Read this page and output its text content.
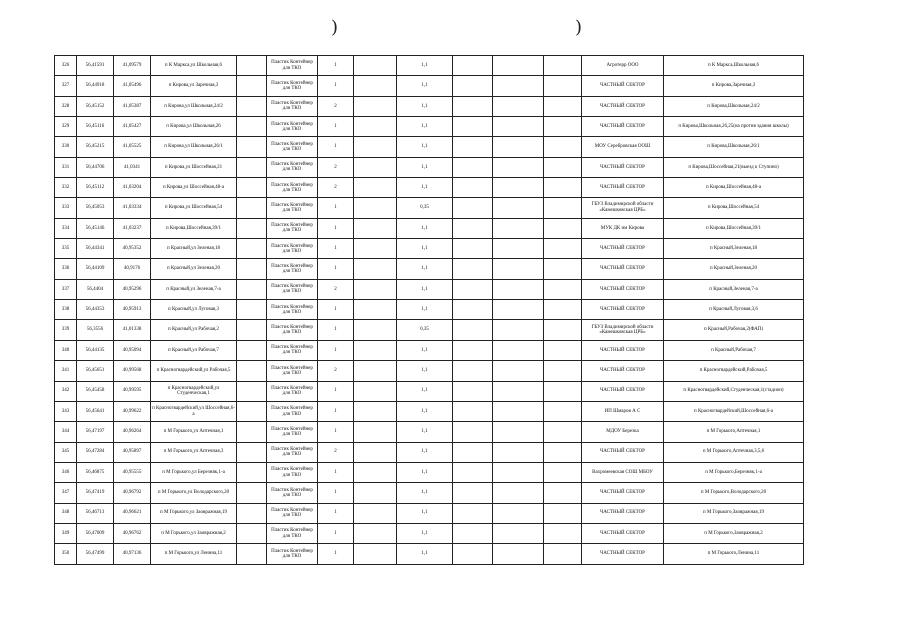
)	)
326	56,41591	41,09579	п К Маркса,ул Школьная,6		Пластик Контейнер для ТКО	1		1,1				Агротерр ООО	п К Маркса,Школьная,6
327	56,44918	41,05496	п Кирова,ул Заречная,3		Пластик Контейнер для ТКО	1		1,1				ЧАСТНЫЙ СЕКТОР	п Кирова,Заречная,3
328	56,45152	41,05387	п Кирова,ул Школьная,24/2		Пластик Контейнер для ТКО	2		1,1				ЧАСТНЫЙ СЕКТОР	п Кирова,Школьная,24/2
329	56,45116	41,05427	п Кирова,ул Школьная,26		Пластик Контейнер для ТКО	1		1,1				ЧАСТНЫЙ СЕКТОР	п Кирова,Школьная,26,25(на против здания школы)
330	56,45215	41,05525	п Кирова,ул Школьная,26/1		Пластик Контейнер для ТКО	1		1,1				МОУ Серебровская ООШ	п Кирова,Школьная,26/1
331	56,44706	41,0341	п Кирова,ул Шоссейная,21		Пластик Контейнер для ТКО	2		1,1				ЧАСТНЫЙ СЕКТОР	п Кирова,Шоссейная,21(выезд к Ступино)
332	56,45112	41,03204	п Кирова,ул Шоссейная,48-а		Пластик Контейнер для ТКО	2		1,1				ЧАСТНЫЙ СЕКТОР	п Кирова,Шоссейная,48-а
333	56,45053	41,03334	п Кирова,ул Шоссейная,54		Пластик Контейнер для ТКО	1		0,35				ГБУЗ Владимирской области «Камешковская ЦРБ»	п Кирова,Шоссейная,54
334	56,45146	41,03237	п Кирова,Шоссейная,39/1		Пластик Контейнер для ТКО	1		1,1				МУК ДК им Кирова	п Кирова,Шоссейная,39/1
335	56,44341	40,95352	п Красный,ул Зеленая,18		Пластик Контейнер для ТКО	1		1,1				ЧАСТНЫЙ СЕКТОР	п Красный,Зеленая,18
336	56,44109	40,9176	п Красный,ул Зеленая,20		Пластик Контейнер для ТКО	1		1,1				ЧАСТНЫЙ СЕКТОР	п Красный,Зеленая,20
337	56,4404	40,95296	п Красный,ул Зеленая,7-а		Пластик Контейнер для ТКО	2		1,1				ЧАСТНЫЙ СЕКТОР	п Красный,Зеленая,7-а
338	56,44353	40,95913	п Красный,ул Луговая,3		Пластик Контейнер для ТКО	1		1,1				ЧАСТНЫЙ СЕКТОР	п Красный,Луговая,3,6
339	56,3556	41,01338	п Красный,ул Рабочая,2		Пластик Контейнер для ТКО	1		0,35				ГБУЗ Владимирской области «Камешковская ЦРБ»	п Красный,Рабочая,2(ФАП)
340	56,44135	40,95094	п Красный,ул Рабочая,7		Пластик Контейнер для ТКО	1		1,1				ЧАСТНЫЙ СЕКТОР	п Красный,Рабочая,7
341	56,45651	40,99568	п Красногвардейский,ул Рабочая,5		Пластик Контейнер для ТКО	2		1,1				ЧАСТНЫЙ СЕКТОР	п Красногвардейский,Рабочая,5
342	56,45458	40,99595	п Красногвардейский,ул Студенческая,1		Пластик Контейнер для ТКО	1		1,1				ЧАСТНЫЙ СЕКТОР	п Красногвардейский,Студенческая,1(стадион)
343	56,45641	40,99622	п Красногвардейский,ул Шоссейная,6-а		Пластик Контейнер для ТКО	1		1,1				ИП Шмаров А С	п Красногвардейский,Шоссейная,6-а
344	56,47197	40,96264	п М Горького,ул Аптечная,1		Пластик Контейнер для ТКО	1		1,1				МДОУ Березка	п М Горького,Аптечная,1
345	56,47284	40,95897	п М Горького,ул Аптечная,3		Пластик Контейнер для ТКО	2		1,1				ЧАСТНЫЙ СЕКТОР	п М Горького,Аптечная,3,5,6
346	56,46875	40,95555	п М Горького,ул Березняк,1-а		Пластик Контейнер для ТКО	1		1,1				Вахромеевская СОШ МБОУ	п М Горького,Березняк,1-а
347	56,47419	40,96792	п М Горького,ул Володарского,20		Пластик Контейнер для ТКО	1		1,1				ЧАСТНЫЙ СЕКТОР	п М Горького,Володарского,20
348	56,46713	40,96621	п М Горького,ул Заовражная,19		Пластик Контейнер для ТКО	1		1,1				ЧАСТНЫЙ СЕКТОР	п М Горького,Заовражная,19
349	56,47009	40,96762	п М Горького,ул Заовражная,2		Пластик Контейнер для ТКО	1		1,1				ЧАСТНЫЙ СЕКТОР	п М Горького,Заовражная,2
350	56,47499	40,97136	п М Горького,ул Ленина,11		Пластик Контейнер для ТКО	1		1,1				ЧАСТНЫЙ СЕКТОР	п М Горького,Ленина,11
